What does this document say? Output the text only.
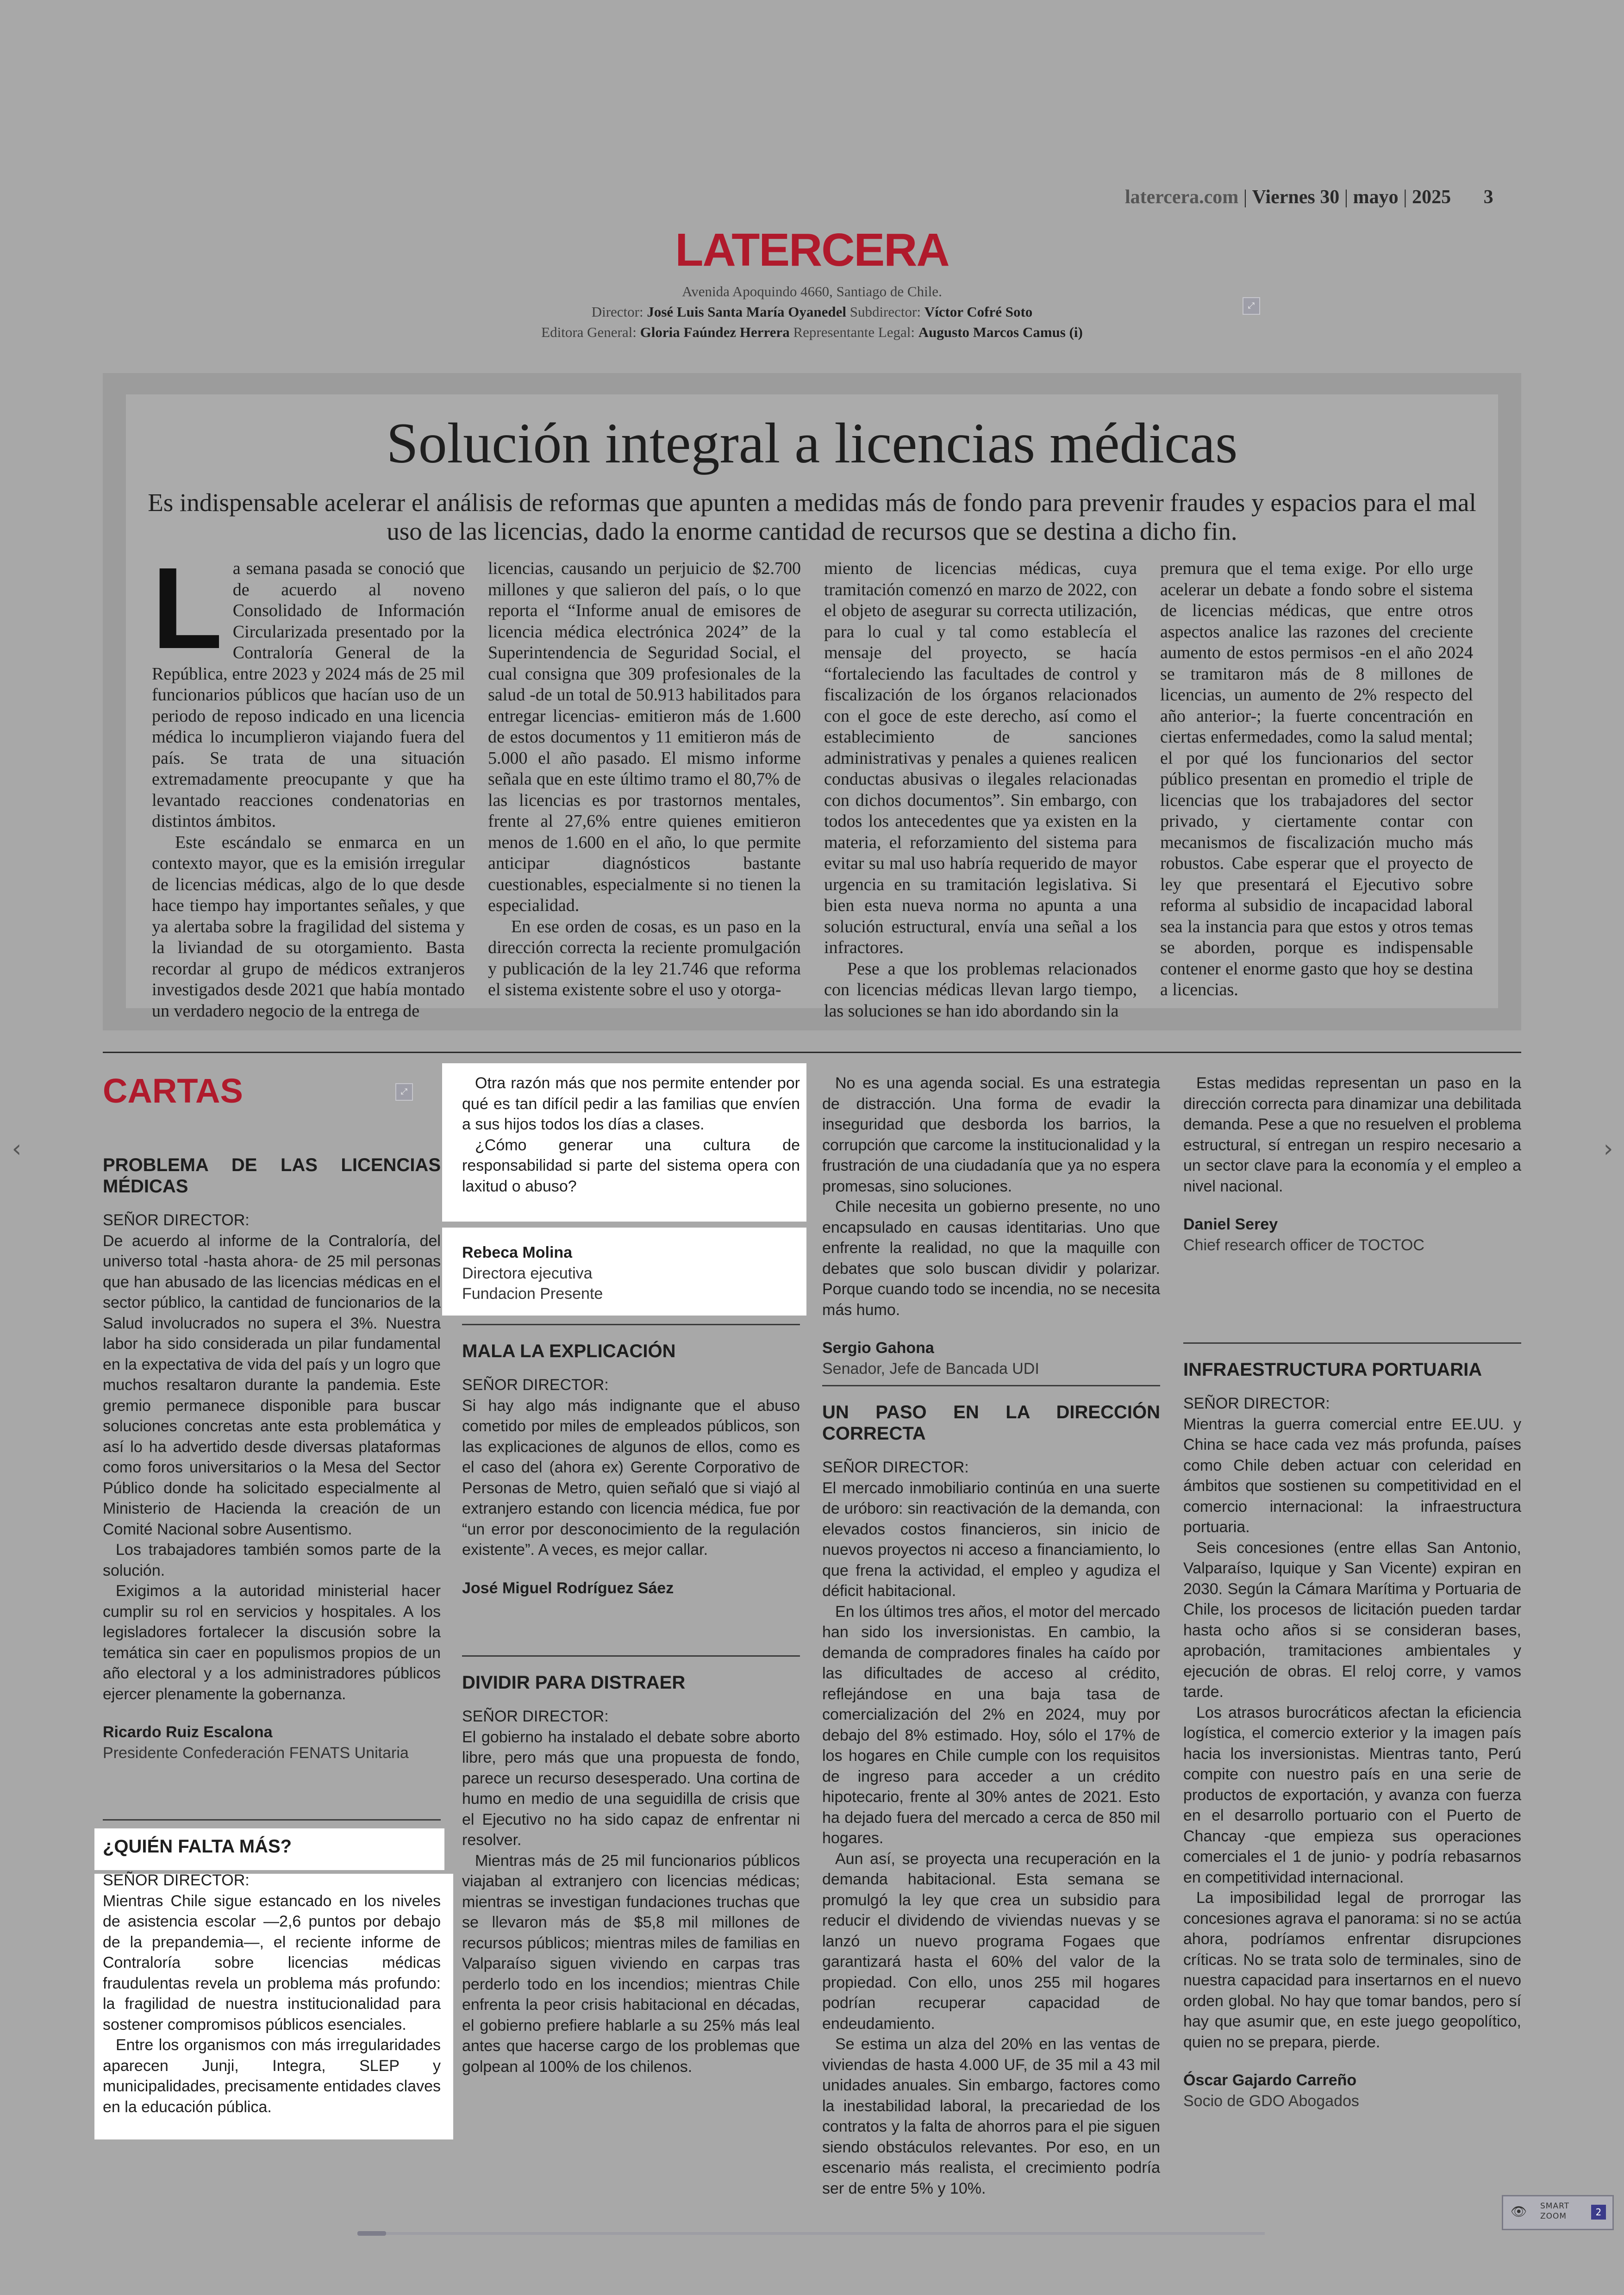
latercera.com | Viernes 30 | mayo | 2025 3
LATERCERA
Avenida Apoquindo 4660, Santiago de Chile.
Director: José Luis Santa María Oyanedel Subdirector: Víctor Cofré Soto
Editora General: Gloria Faúndez Herrera Representante Legal: Augusto Marcos Camus (i)
⤢
Solución integral a licencias médicas
Es indispensable acelerar el análisis de reformas que apunten a medidas más de fondo para prevenir fraudes y espacios para el mal uso de las licencias, dado la enorme cantidad de recursos que se destina a dicho fin.

La semana pasada se conoció que de acuerdo al noveno Consolidado de Información Circularizada presentado por la Contraloría General de la República, entre 2023 y 2024 más de 25 mil funcionarios públicos que hacían uso de un periodo de reposo indicado en una licencia médica lo incumplieron viajando fuera del país. Se trata de una situación extremadamente preocupante y que ha levantado reacciones condenatorias en distintos ámbitos.

Este escándalo se enmarca en un contexto mayor, que es la emisión irregular de licencias médicas, algo de lo que desde hace tiempo hay importantes señales, y que ya alertaba sobre la fragilidad del sistema y la liviandad de su otorgamiento. Basta recordar al grupo de médicos extranjeros investigados desde 2021 que había montado un verdadero negocio de la entrega de

licencias, causando un perjuicio de $2.700 millones y que salieron del país, o lo que reporta el “Informe anual de emisores de licencia médica electrónica 2024” de la Superintendencia de Seguridad Social, el cual consigna que 309 profesionales de la salud -de un total de 50.913 habilitados para entregar licencias- emitieron más de 1.600 de estos documentos y 11 emitieron más de 5.000 el año pasado. El mismo informe señala que en este último tramo el 80,7% de las licencias es por trastornos mentales, frente al 27,6% entre quienes emitieron menos de 1.600 en el año, lo que permite anticipar diagnósticos bastante cuestionables, especialmente si no tienen la especialidad.

En ese orden de cosas, es un paso en la dirección correcta la reciente promulgación y publicación de la ley 21.746 que reforma el sistema existente sobre el uso y otorga-

miento de licencias médicas, cuya tramitación comenzó en marzo de 2022, con el objeto de asegurar su correcta utilización, para lo cual y tal como establecía el mensaje del proyecto, se hacía “fortaleciendo las facultades de control y fiscalización de los órganos relacionados con el goce de este derecho, así como el establecimiento de sanciones administrativas y penales a quienes realicen conductas abusivas o ilegales relacionadas con dichos documentos”. Sin embargo, con todos los antecedentes que ya existen en la materia, el reforzamiento del sistema para evitar su mal uso habría requerido de mayor urgencia en su tramitación legislativa. Si bien esta nueva norma no apunta a una solución estructural, envía una señal a los infractores.

Pese a que los problemas relacionados con licencias médicas llevan largo tiempo, las soluciones se han ido abordando sin la

premura que el tema exige. Por ello urge acelerar un debate a fondo sobre el sistema de licencias médicas, que entre otros aspectos analice las razones del creciente aumento de estos permisos -en el año 2024 se tramitaron más de 8 millones de licencias, un aumento de 2% respecto del año anterior-; la fuerte concentración en ciertas enfermedades, como la salud mental; el por qué los funcionarios del sector público presentan en promedio el triple de licencias que los trabajadores del sector privado, y ciertamente contar con mecanismos de fiscalización mucho más robustos. Cabe esperar que el proyecto de ley que presentará el Ejecutivo sobre reforma al subsidio de incapacidad laboral sea la instancia para que estos y otros temas se aborden, porque es indispensable contener el enorme gasto que hoy se destina a licencias.

CARTAS	⤢
PROBLEMA DE LAS LICENCIAS MÉDICAS

SEÑOR DIRECTOR:

De acuerdo al informe de la Contraloría, del universo total -hasta ahora- de 25 mil personas que han abusado de las licencias médicas en el sector público, la cantidad de funcionarios de la Salud involucrados no supera el 3%. Nuestra labor ha sido considerada un pilar fundamental en la expectativa de vida del país y un logro que muchos resaltaron durante la pandemia. Este gremio permanece disponible para buscar soluciones concretas ante esta problemática y así lo ha advertido desde diversas plataformas como foros universitarios o la Mesa del Sector Público donde ha solicitado especialmente al Ministerio de Hacienda la creación de un Comité Nacional sobre Ausentismo.

Los trabajadores también somos parte de la solución.

Exigimos a la autoridad ministerial hacer cumplir su rol en servicios y hospitales. A los legisladores fortalecer la discusión sobre la temática sin caer en populismos propios de un año electoral y a los administradores públicos ejercer plenamente la gobernanza.

Ricardo Ruiz Escalona

Presidente Confederación FENATS Unitaria

¿QUIÉN FALTA MÁS?

SEÑOR DIRECTOR:

Mientras Chile sigue estancado en los niveles de asistencia escolar —2,6 puntos por debajo de la prepandemia—, el reciente informe de Contraloría sobre licencias médicas fraudulentas revela un problema más profundo: la fragilidad de nuestra institucionalidad para sostener compromisos públicos esenciales.

Entre los organismos con más irregularidades aparecen Junji, Integra, SLEP y municipalidades, precisamente entidades claves en la educación pública.

Otra razón más que nos permite entender por qué es tan difícil pedir a las familias que envíen a sus hijos todos los días a clases.

¿Cómo generar una cultura de responsabilidad si parte del sistema opera con laxitud o abuso?

Rebeca Molina

Directora ejecutiva

Fundacion Presente

MALA LA EXPLICACIÓN

SEÑOR DIRECTOR:

Si hay algo más indignante que el abuso cometido por miles de empleados públicos, son las explicaciones de algunos de ellos, como es el caso del (ahora ex) Gerente Corporativo de Personas de Metro, quien señaló que si viajó al extranjero estando con licencia médica, fue por “un error por desconocimiento de la regulación existente”. A veces, es mejor callar.

José Miguel Rodríguez Sáez

DIVIDIR PARA DISTRAER

SEÑOR DIRECTOR:

El gobierno ha instalado el debate sobre aborto libre, pero más que una propuesta de fondo, parece un recurso desesperado. Una cortina de humo en medio de una seguidilla de crisis que el Ejecutivo no ha sido capaz de enfrentar ni resolver.

Mientras más de 25 mil funcionarios públicos viajaban al extranjero con licencias médicas; mientras se investigan fundaciones truchas que se llevaron más de $5,8 mil millones de recursos públicos; mientras miles de familias en Valparaíso siguen viviendo en carpas tras perderlo todo en los incendios; mientras Chile enfrenta la peor crisis habitacional en décadas, el gobierno prefiere hablarle a su 25% más leal antes que hacerse cargo de los problemas que golpean al 100% de los chilenos.

No es una agenda social. Es una estrategia de distracción. Una forma de evadir la inseguridad que desborda los barrios, la corrupción que carcome la institucionalidad y la frustración de una ciudadanía que ya no espera promesas, sino soluciones.

Chile necesita un gobierno presente, no uno encapsulado en causas identitarias. Uno que enfrente la realidad, no que la maquille con debates que solo buscan dividir y polarizar. Porque cuando todo se incendia, no se necesita más humo.

Sergio Gahona

Senador, Jefe de Bancada UDI

UN PASO EN LA DIRECCIÓN CORRECTA

SEÑOR DIRECTOR:

El mercado inmobiliario continúa en una suerte de uróboro: sin reactivación de la demanda, con elevados costos financieros, sin inicio de nuevos proyectos ni acceso a financiamiento, lo que frena la actividad, el empleo y agudiza el déficit habitacional.

En los últimos tres años, el motor del mercado han sido los inversionistas. En cambio, la demanda de compradores finales ha caído por las dificultades de acceso al crédito, reflejándose en una baja tasa de comercialización del 2% en 2024, muy por debajo del 8% estimado. Hoy, sólo el 17% de los hogares en Chile cumple con los requisitos de ingreso para acceder a un crédito hipotecario, frente al 30% antes de 2021. Esto ha dejado fuera del mercado a cerca de 850 mil hogares.

Aun así, se proyecta una recuperación en la demanda habitacional. Esta semana se promulgó la ley que crea un subsidio para reducir el dividendo de viviendas nuevas y se lanzó un nuevo programa Fogaes que garantizará hasta el 60% del valor de la propiedad. Con ello, unos 255 mil hogares podrían recuperar capacidad de endeudamiento.

Se estima un alza del 20% en las ventas de viviendas de hasta 4.000 UF, de 35 mil a 43 mil unidades anuales. Sin embargo, factores como la inestabilidad laboral, la precariedad de los contratos y la falta de ahorros para el pie siguen siendo obstáculos relevantes. Por eso, en un escenario más realista, el crecimiento podría ser de entre 5% y 10%.

Estas medidas representan un paso en la dirección correcta para dinamizar una debilitada demanda. Pese a que no resuelven el problema estructural, sí entregan un respiro necesario a un sector clave para la economía y el empleo a nivel nacional.

Daniel Serey

Chief research officer de TOCTOC

INFRAESTRUCTURA PORTUARIA

SEÑOR DIRECTOR:

Mientras la guerra comercial entre EE.UU. y China se hace cada vez más profunda, países como Chile deben actuar con celeridad en ámbitos que sostienen su competitividad en el comercio internacional: la infraestructura portuaria.

Seis concesiones (entre ellas San Antonio, Valparaíso, Iquique y San Vicente) expiran en 2030. Según la Cámara Marítima y Portuaria de Chile, los procesos de licitación pueden tardar hasta ocho años si se consideran bases, aprobación, tramitaciones ambientales y ejecución de obras. El reloj corre, y vamos tarde.

Los atrasos burocráticos afectan la eficiencia logística, el comercio exterior y la imagen país hacia los inversionistas. Mientras tanto, Perú compite con nuestro país en una serie de productos de exportación, y avanza con fuerza en el desarrollo portuario con el Puerto de Chancay -que empieza sus operaciones comerciales el 1 de junio- y podría rebasarnos en competitividad internacional.

La imposibilidad legal de prorrogar las concesiones agrava el panorama: si no se actúa ahora, podríamos enfrentar disrupciones críticas. No se trata solo de terminales, sino de nuestra capacidad para insertarnos en el nuevo orden global. No hay que tomar bandos, pero sí hay que asumir que, en este juego geopolítico, quien no se prepara, pierde.

Óscar Gajardo Carreño

Socio de GDO Abogados

‹	›
👁 SMART
ZOOM	2
